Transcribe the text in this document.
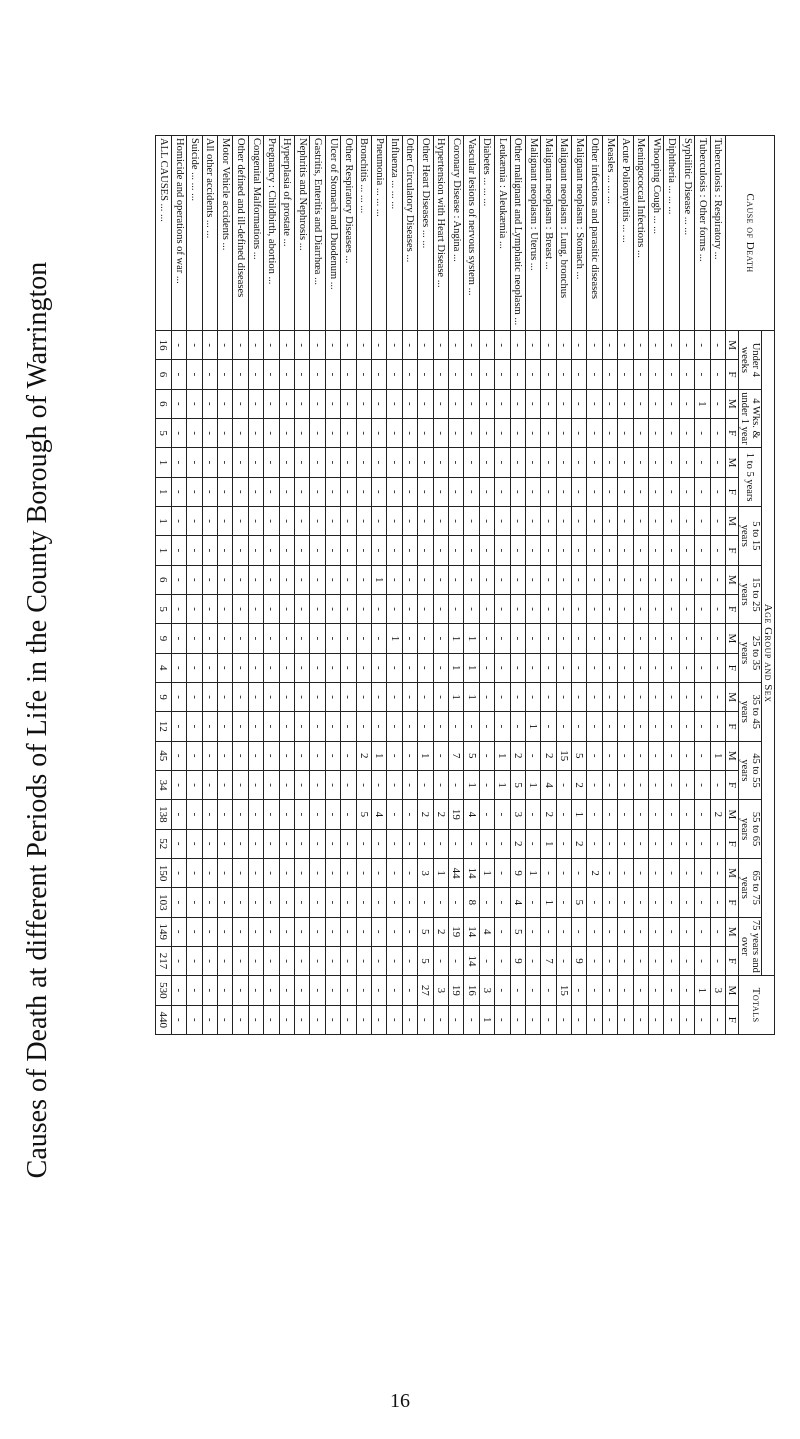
Causes of Death at different Periods of Life in the County Borough of Warrington
Cause of Death	Age Group and Sex																						Totals	
	Under 4 weeks		4 Wks. & under 1 year		1 to 5 years		5 to 15 years		15 to 25 years		25 to 35 years		35 to 45 years		45 to 55 years		55 to 65 years		65 to 75 years		75 years and over			
	M	F	M	F	M	F	M	F	M	F	M	F	M	F	M	F	M	F	M	F	M	F	M	F
Tuberculosis : Respiratory ...	-	-	-	-	-	-	-	-	-	-	-	-	-	-	1	-	2	-	-	-	-	-	3	-
Tuberculosis : Other forms ...	-	-	1	-	-	-	-	-	-	-	-	-	-	-	-	-	-	-	-	-	-	-	1	-
Syphilitic Disease ... ...	-	-	-	-	-	-	-	-	-	-	-	-	-	-	-	-	-	-	-	-	-	-	-	-
Diphtheria ... ... ...	-	-	-	-	-	-	-	-	-	-	-	-	-	-	-	-	-	-	-	-	-	-	-	-
Whooping Cough ... ...	-	-	-	-	-	-	-	-	-	-	-	-	-	-	-	-	-	-	-	-	-	-	-	-
Meningococcal Infections ...	-	-	-	-	-	-	-	-	-	-	-	-	-	-	-	-	-	-	-	-	-	-	-	-
Acute Poliomyelitis ... ...	-	-	-	-	-	-	-	-	-	-	-	-	-	-	-	-	-	-	-	-	-	-	-	-
Measles ... ... ...	-	-	-	-	-	-	-	-	-	-	-	-	-	-	-	-	-	-	-	-	-	-	-	-
Other infections and parasitic diseases	-	-	-	-	-	-	-	-	-	-	-	-	-	-	-	-	-	-	2	-	-	-	-	-
Malignant neoplasm : Stomach ...	-	-	-	-	-	-	-	-	-	-	-	-	-	-	5	2	1	2	-	5	-	9	-	-
Malignant neoplasm : Lung, bronchus	-	-	-	-	-	-	-	-	-	-	-	-	-	-	15	-	-	-	-	-	-	-	15	-
Malignant neoplasm : Breast ...	-	-	-	-	-	-	-	-	-	-	-	-	-	-	2	4	2	1	-	1	-	7	-	-
Malignant neoplasm : Uterus ...	-	-	-	-	-	-	-	-	-	-	-	-	-	1	-	1	-	-	1	-	-	-	-	-
Other malignant and Lymphatic neoplasm ...	-	-	-	-	-	-	-	-	-	-	-	-	-	-	2	5	3	2	9	4	5	9	-	-
Leukæmia : Aleukæmia ...	-	-	-	-	-	-	-	-	-	-	-	-	-	-	1	1	-	-	-	-	-	-	-	-
Diabetes ... ... ...	-	-	-	-	-	-	-	-	-	-	-	-	-	-	-	-	-	-	1	-	4	-	3	1
Vascular lesions of nervous system ...	-	-	-	-	-	-	-	-	-	-	1	1	1	-	5	1	4	-	14	8	14	14	16	-
Coronary Disease : Angina ...	-	-	-	-	-	-	-	-	-	-	1	1	1	-	7	-	19	-	44	-	19	-	19	-
Hypertension with Heart Disease ...	-	-	-	-	-	-	-	-	-	-	-	-	-	-	-	-	2	-	1	-	2	-	3	-
Other Heart Diseases ... ...	-	-	-	-	-	-	-	-	-	-	-	-	-	-	1	-	2	-	3	-	5	5	27	-
Other Circulatory Diseases ...	-	-	-	-	-	-	-	-	-	-	-	-	-	-	-	-	-	-	-	-	-	-	-	-
Influenza ... ... ...	-	-	-	-	-	-	-	-	-	-	1	-	-	-	-	-	-	-	-	-	-	-	-	-
Pneumonia ... ... ...	-	-	-	-	-	-	-	-	1	-	-	-	-	-	1	-	4	-	-	-	-	-	-	-
Bronchitis ... ... ...	-	-	-	-	-	-	-	-	-	-	-	-	-	-	2	-	5	-	-	-	-	-	-	-
Other Respiratory Diseases ...	-	-	-	-	-	-	-	-	-	-	-	-	-	-	-	-	-	-	-	-	-	-	-	-
Ulcer of Stomach and Duodenum ...	-	-	-	-	-	-	-	-	-	-	-	-	-	-	-	-	-	-	-	-	-	-	-	-
Gastritis, Enteritis and Diarrhœa ...	-	-	-	-	-	-	-	-	-	-	-	-	-	-	-	-	-	-	-	-	-	-	-	-
Nephritis and Nephrosis ...	-	-	-	-	-	-	-	-	-	-	-	-	-	-	-	-	-	-	-	-	-	-	-	-
Hyperplasia of prostate ...	-	-	-	-	-	-	-	-	-	-	-	-	-	-	-	-	-	-	-	-	-	-	-	-
Pregnancy : Childbirth, abortion ...	-	-	-	-	-	-	-	-	-	-	-	-	-	-	-	-	-	-	-	-	-	-	-	-
Congenital Malformations ...	-	-	-	-	-	-	-	-	-	-	-	-	-	-	-	-	-	-	-	-	-	-	-	-
Other defined and ill-defined diseases	-	-	-	-	-	-	-	-	-	-	-	-	-	-	-	-	-	-	-	-	-	-	-	-
Motor Vehicle accidents ...	-	-	-	-	-	-	-	-	-	-	-	-	-	-	-	-	-	-	-	-	-	-	-	-
All other accidents ... ...	-	-	-	-	-	-	-	-	-	-	-	-	-	-	-	-	-	-	-	-	-	-	-	-
Suicide ... ... ...	-	-	-	-	-	-	-	-	-	-	-	-	-	-	-	-	-	-	-	-	-	-	-	-
Homicide and operations of war ...	-	-	-	-	-	-	-	-	-	-	-	-	-	-	-	-	-	-	-	-	-	-	-	-
ALL CAUSES ... ...	16	6	6	5	1	1	1	1	6	5	9	4	9	12	45	34	138	52	150	103	149	217	530	440
16
